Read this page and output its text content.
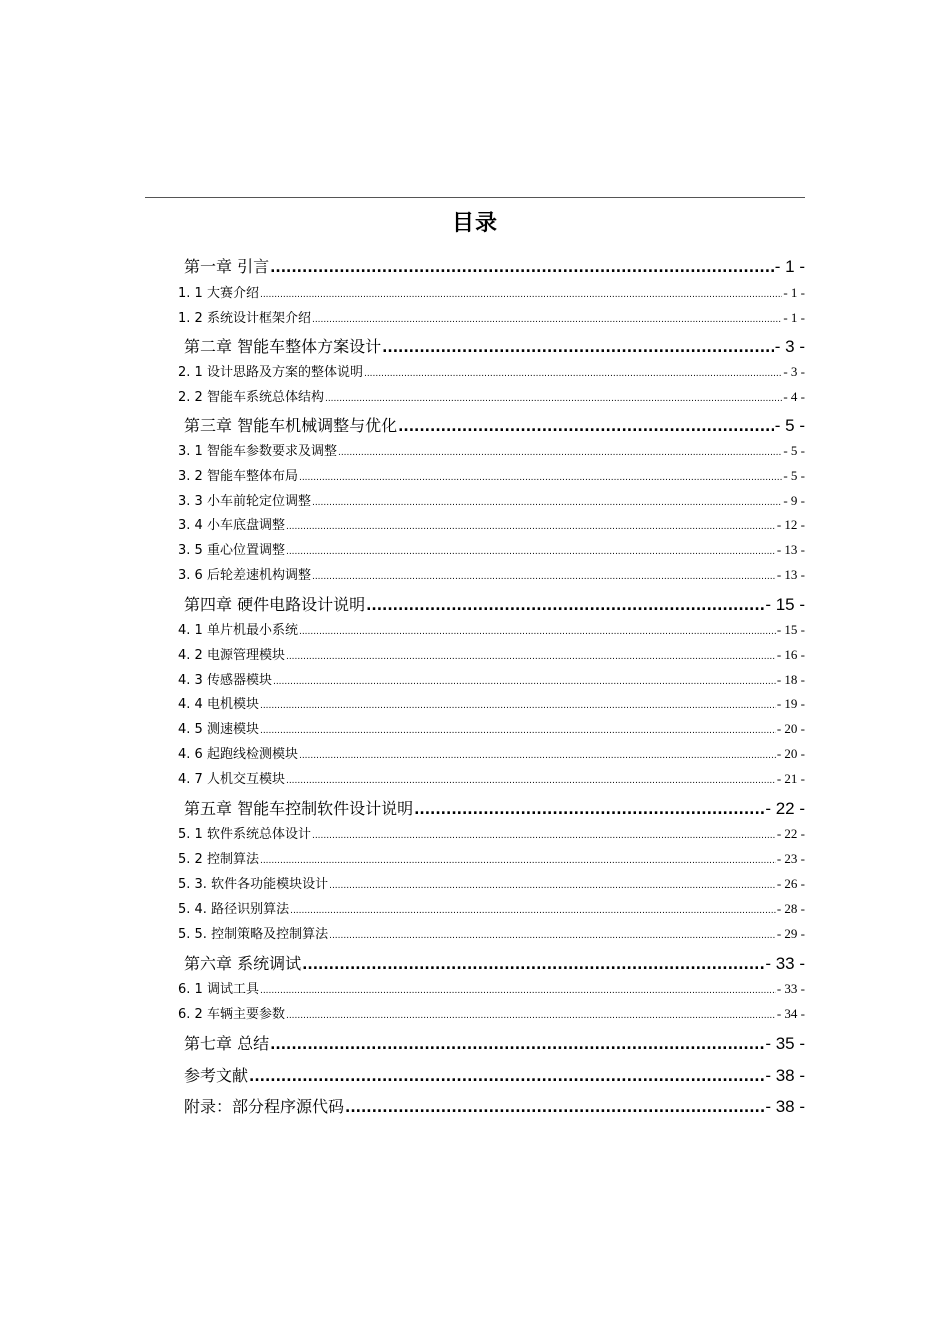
目录
第一章 引言 .....	- 1 -
1. 1 大赛介绍 .....	- 1 -
1. 2 系统设计框架介绍 .....	- 1 -
第二章 智能车整体方案设计 .....	- 3 -
2. 1 设计思路及方案的整体说明 .....	- 3 -
2. 2 智能车系统总体结构 .....	- 4 -
第三章 智能车机械调整与优化 .....	- 5 -
3. 1 智能车参数要求及调整 .....	- 5 -
3. 2 智能车整体布局 .....	- 5 -
3. 3 小车前轮定位调整 .....	- 9 -
3. 4 小车底盘调整 .....	- 12 -
3. 5 重心位置调整 .....	- 13 -
3. 6 后轮差速机构调整 .....	- 13 -
第四章 硬件电路设计说明 .....	- 15 -
4. 1 单片机最小系统 .....	- 15 -
4. 2 电源管理模块 .....	- 16 -
4. 3 传感器模块 .....	- 18 -
4. 4 电机模块 .....	- 19 -
4. 5 测速模块 .....	- 20 -
4. 6 起跑线检测模块 .....	- 20 -
4. 7 人机交互模块 .....	- 21 -
第五章 智能车控制软件设计说明 .....	- 22 -
5. 1 软件系统总体设计 .....	- 22 -
5. 2 控制算法 .....	- 23 -
5. 3. 软件各功能模块设计 .....	- 26 -
5. 4. 路径识别算法 .....	- 28 -
5. 5. 控制策略及控制算法 .....	- 29 -
第六章 系统调试 .....	- 33 -
6. 1 调试工具 .....	- 33 -
6. 2 车辆主要参数 .....	- 34 -
第七章 总结 .....	- 35 -
参考文献 .....	- 38 -
附录：部分程序源代码 .....	- 38 -
